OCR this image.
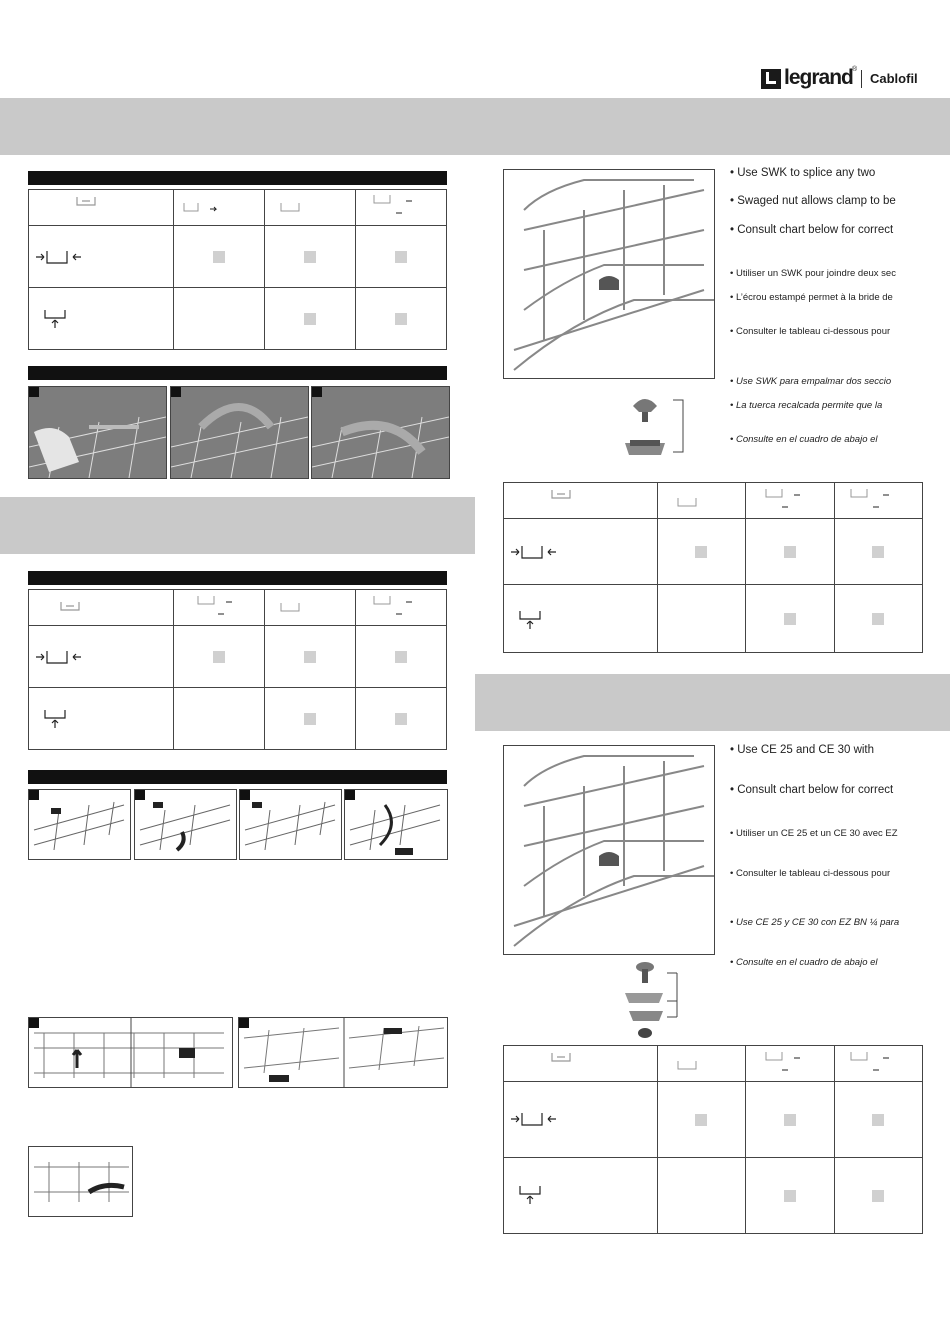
legrand ®
Cablofil

• Use SWK to splice any two
• Swaged nut allows clamp to be
• Consult chart below for correct
• Utiliser un SWK pour joindre deux sec
• L’écrou estampé permet à la bride de
• Consulter le tableau ci-dessous pour
• Use SWK para empalmar dos seccio
• La tuerca recalcada permite que la
• Consulte en el cuadro de abajo el

• Use CE 25 and CE 30 with
• Consult chart below for correct
• Utiliser un CE 25 et un CE 30 avec EZ
• Consulter le tableau ci-dessous pour
• Use CE 25 y CE 30 con EZ BN ¼ para
• Consulte en el cuadro de abajo el
